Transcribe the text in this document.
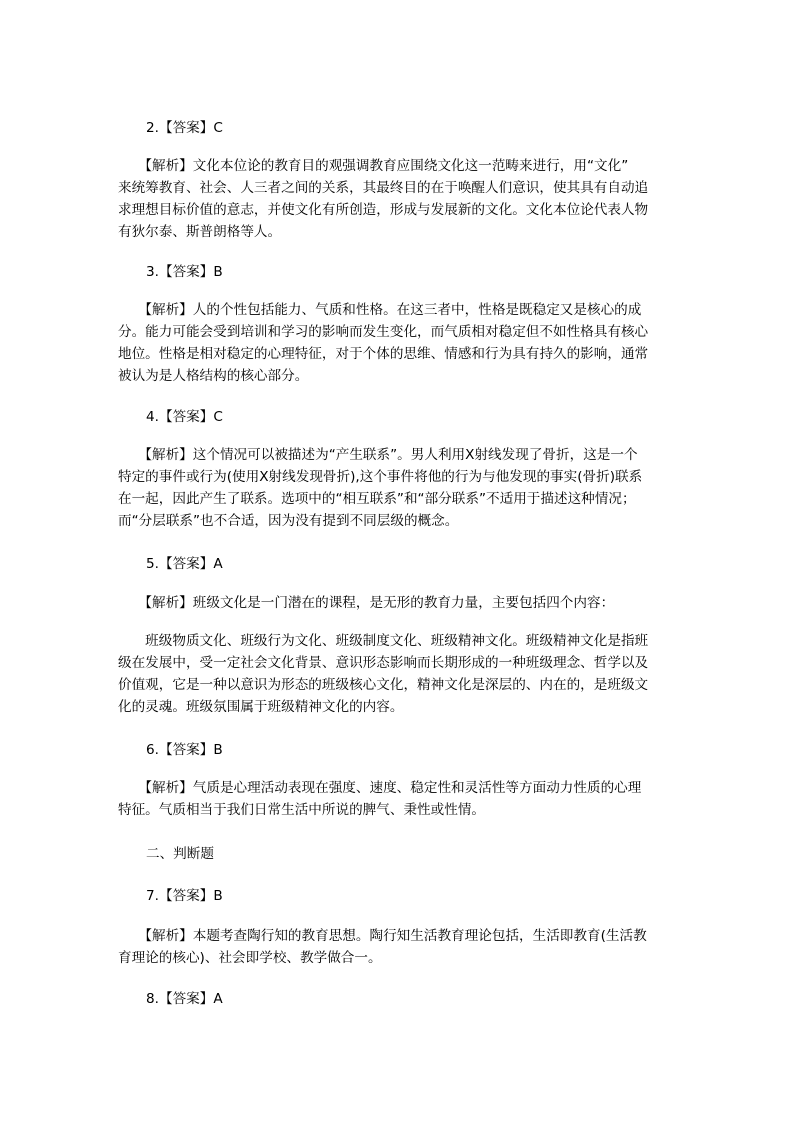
2.【答案】C
　　【解析】文化本位论的教育目的观强调教育应围绕文化这一范畴来进行，用“文化”
来统筹教育、社会、人三者之间的关系，其最终目的在于唤醒人们意识，使其具有自动追
求理想目标价值的意志，并使文化有所创造，形成与发展新的文化。文化本位论代表人物
有狄尔泰、斯普朗格等人。
3.【答案】B
　　【解析】人的个性包括能力、气质和性格。在这三者中，性格是既稳定又是核心的成
分。能力可能会受到培训和学习的影响而发生变化，而气质相对稳定但不如性格具有核心
地位。性格是相对稳定的心理特征，对于个体的思维、情感和行为具有持久的影响，通常
被认为是人格结构的核心部分。
4.【答案】C
　　【解析】这个情况可以被描述为“产生联系”。男人利用X射线发现了骨折，这是一个
特定的事件或行为(使用X射线发现骨折),这个事件将他的行为与他发现的事实(骨折)联系
在一起，因此产生了联系。选项中的“相互联系”和“部分联系”不适用于描述这种情况；
而“分层联系”也不合适，因为没有提到不同层级的概念。
5.【答案】A
　　【解析】班级文化是一门潜在的课程，是无形的教育力量，主要包括四个内容：
　　班级物质文化、班级行为文化、班级制度文化、班级精神文化。班级精神文化是指班
级在发展中，受一定社会文化背景、意识形态影响而长期形成的一种班级理念、哲学以及
价值观，它是一种以意识为形态的班级核心文化，精神文化是深层的、内在的，是班级文
化的灵魂。班级氛围属于班级精神文化的内容。
6.【答案】B
　　【解析】气质是心理活动表现在强度、速度、稳定性和灵活性等方面动力性质的心理
特征。气质相当于我们日常生活中所说的脾气、秉性或性情。
二、判断题
7.【答案】B
　　【解析】本题考查陶行知的教育思想。陶行知生活教育理论包括，生活即教育(生活教
育理论的核心)、社会即学校、教学做合一。
8.【答案】A
